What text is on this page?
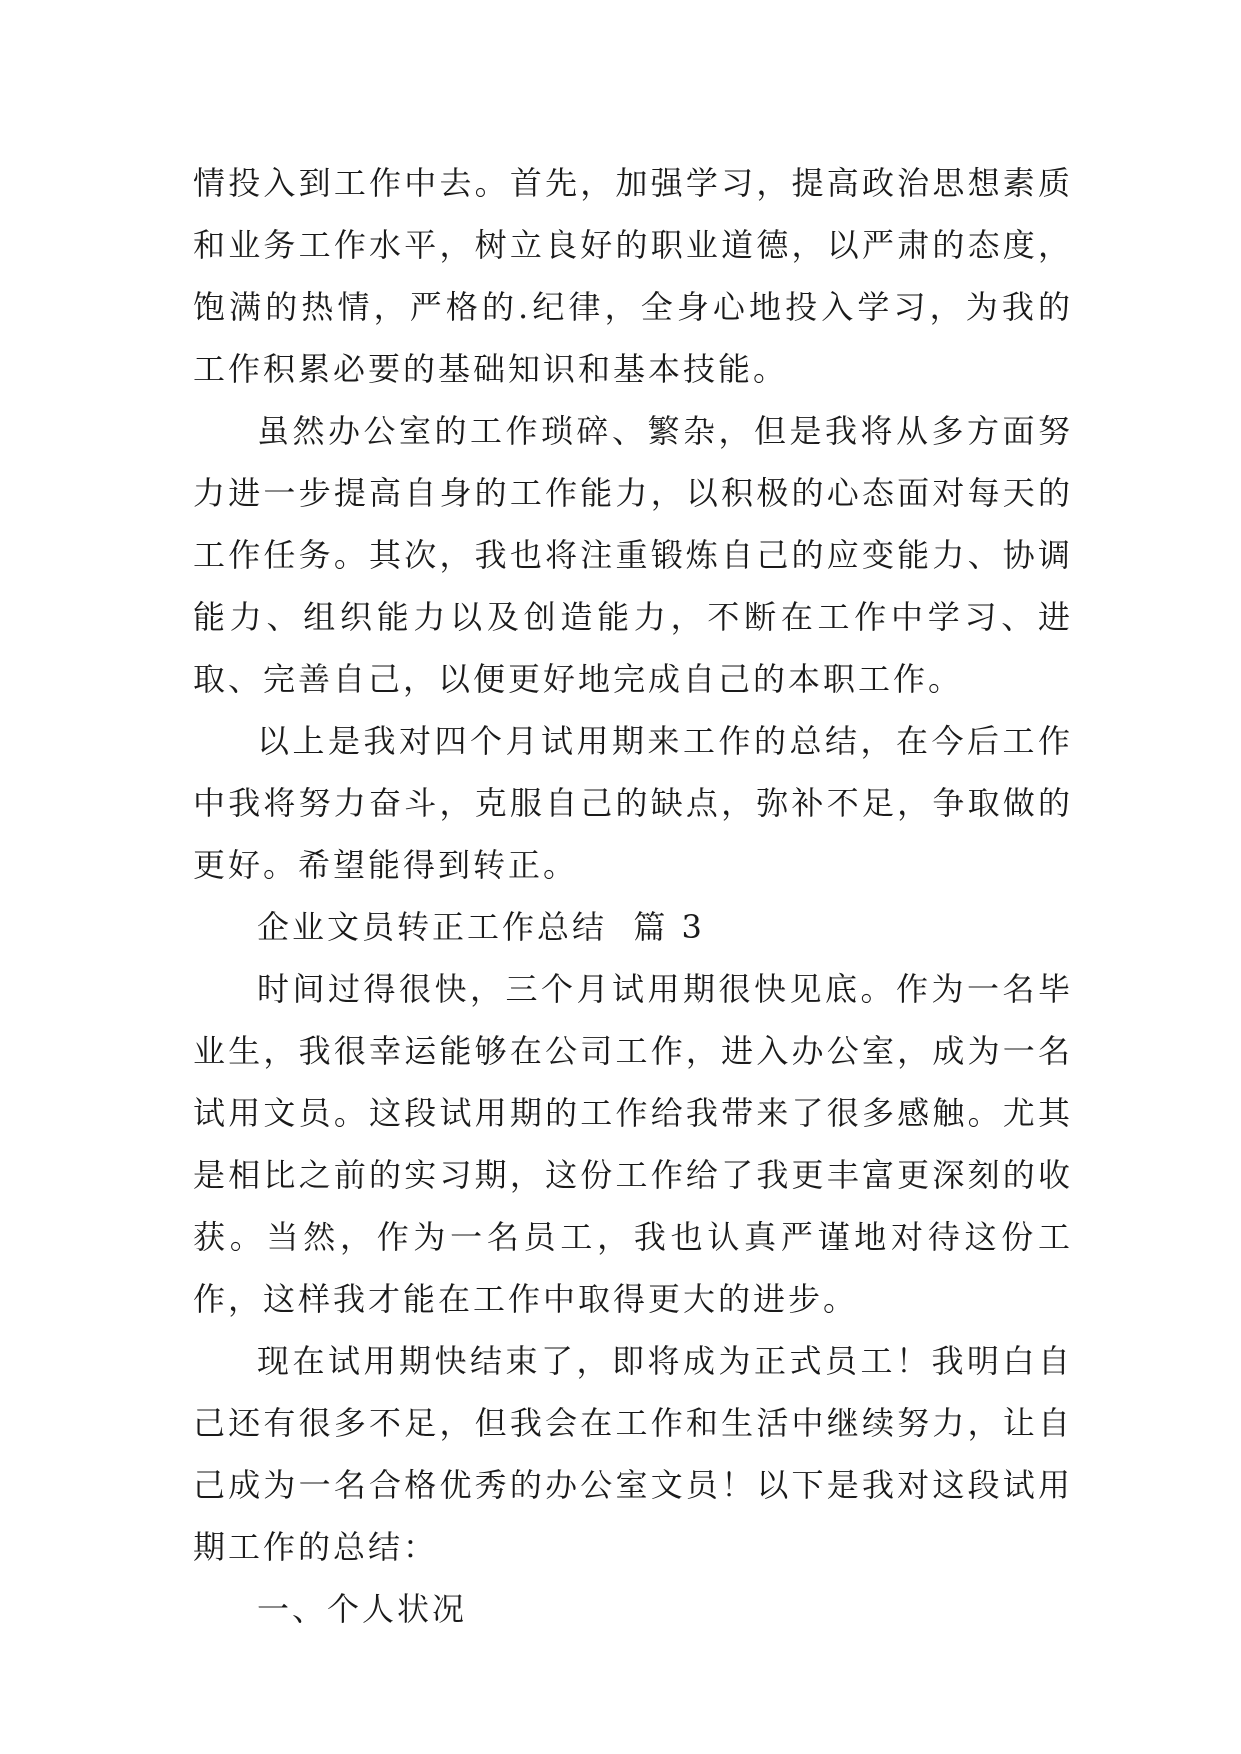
情投入到工作中去。首先，加强学习，提高政治思想素质和业务工作水平，树立良好的职业道德，以严肃的态度，饱满的热情，严格的.纪律，全身心地投入学习，为我的工作积累必要的基础知识和基本技能。

虽然办公室的工作琐碎、繁杂，但是我将从多方面努力进一步提高自身的工作能力，以积极的心态面对每天的工作任务。其次，我也将注重锻炼自己的应变能力、协调能力、组织能力以及创造能力，不断在工作中学习、进取、完善自己，以便更好地完成自己的本职工作。

以上是我对四个月试用期来工作的总结，在今后工作中我将努力奋斗，克服自己的缺点，弥补不足，争取做的更好。希望能得到转正。

企业文员转正工作总结  篇 3

时间过得很快，三个月试用期很快见底。作为一名毕业生，我很幸运能够在公司工作，进入办公室，成为一名试用文员。这段试用期的工作给我带来了很多感触。尤其是相比之前的实习期，这份工作给了我更丰富更深刻的收获。当然，作为一名员工，我也认真严谨地对待这份工作，这样我才能在工作中取得更大的进步。

现在试用期快结束了，即将成为正式员工！我明白自己还有很多不足，但我会在工作和生活中继续努力，让自己成为一名合格优秀的办公室文员！以下是我对这段试用期工作的总结：

一、个人状况
